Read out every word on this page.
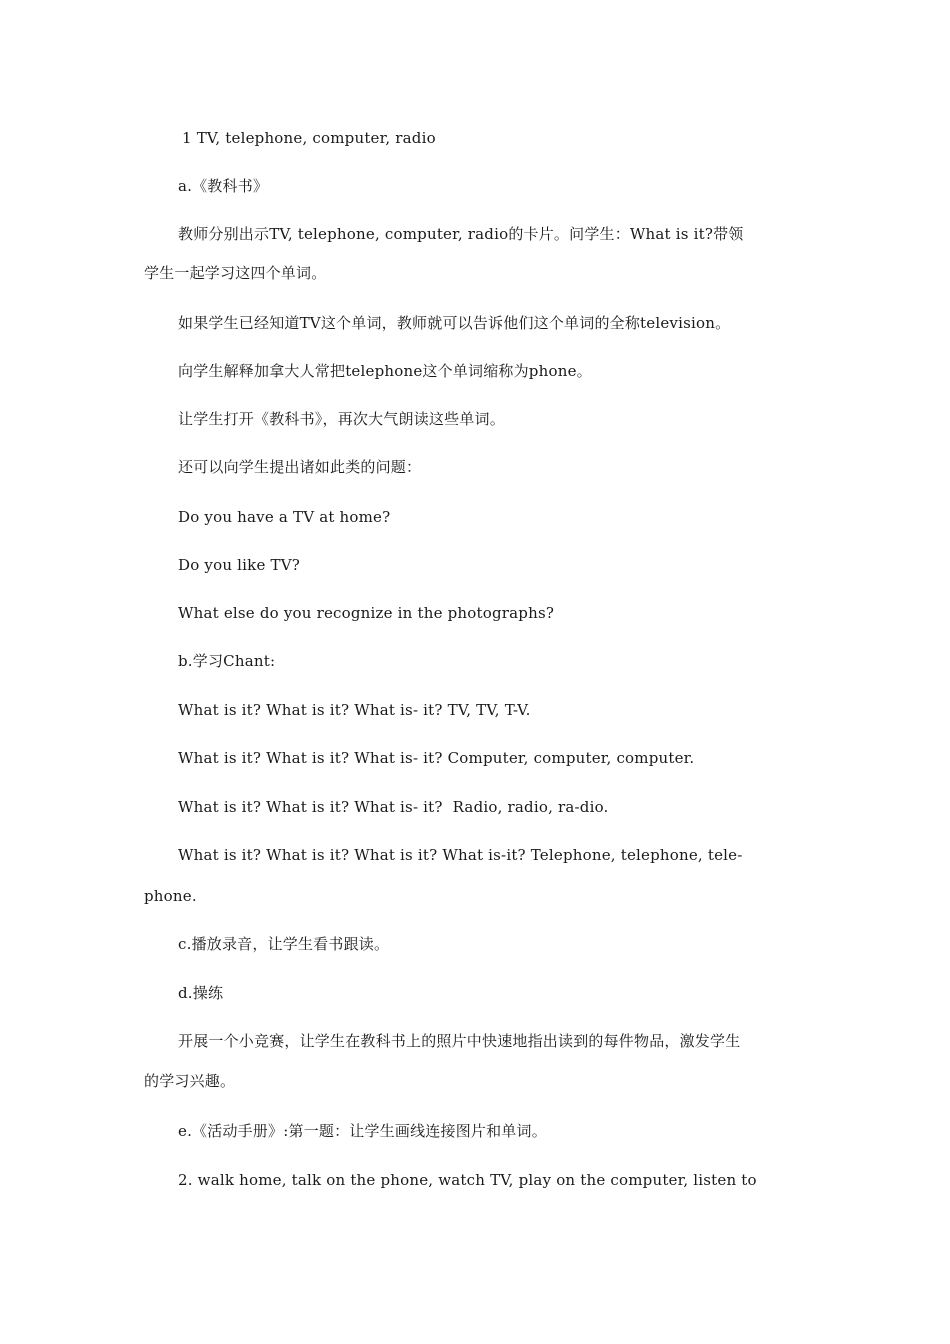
1 TV, telephone, computer, radio
a.《教科书》
教师分别出示TV, telephone, computer, radio的卡片。问学生：What is it?带领
学生一起学习这四个单词。
如果学生已经知道TV这个单词，教师就可以告诉他们这个单词的全称television。
向学生解释加拿大人常把telephone这个单词缩称为phone。
让学生打开《教科书》，再次大气朗读这些单词。
还可以向学生提出诸如此类的问题：
Do you have a TV at home?
Do you like TV?
What else do you recognize in the photographs?
b.学习Chant:
What is it? What is it? What is- it? TV, TV, T-V.
What is it? What is it? What is- it? Computer, computer, computer.
What is it? What is it? What is- it?  Radio, radio, ra-dio.
What is it? What is it? What is it? What is-it? Telephone, telephone, tele-
phone.
c.播放录音，让学生看书跟读。
d.操练
开展一个小竞赛，让学生在教科书上的照片中快速地指出读到的每件物品，激发学生
的学习兴趣。
e.《活动手册》:第一题：让学生画线连接图片和单词。
2. walk home, talk on the phone, watch TV, play on the computer, listen to
